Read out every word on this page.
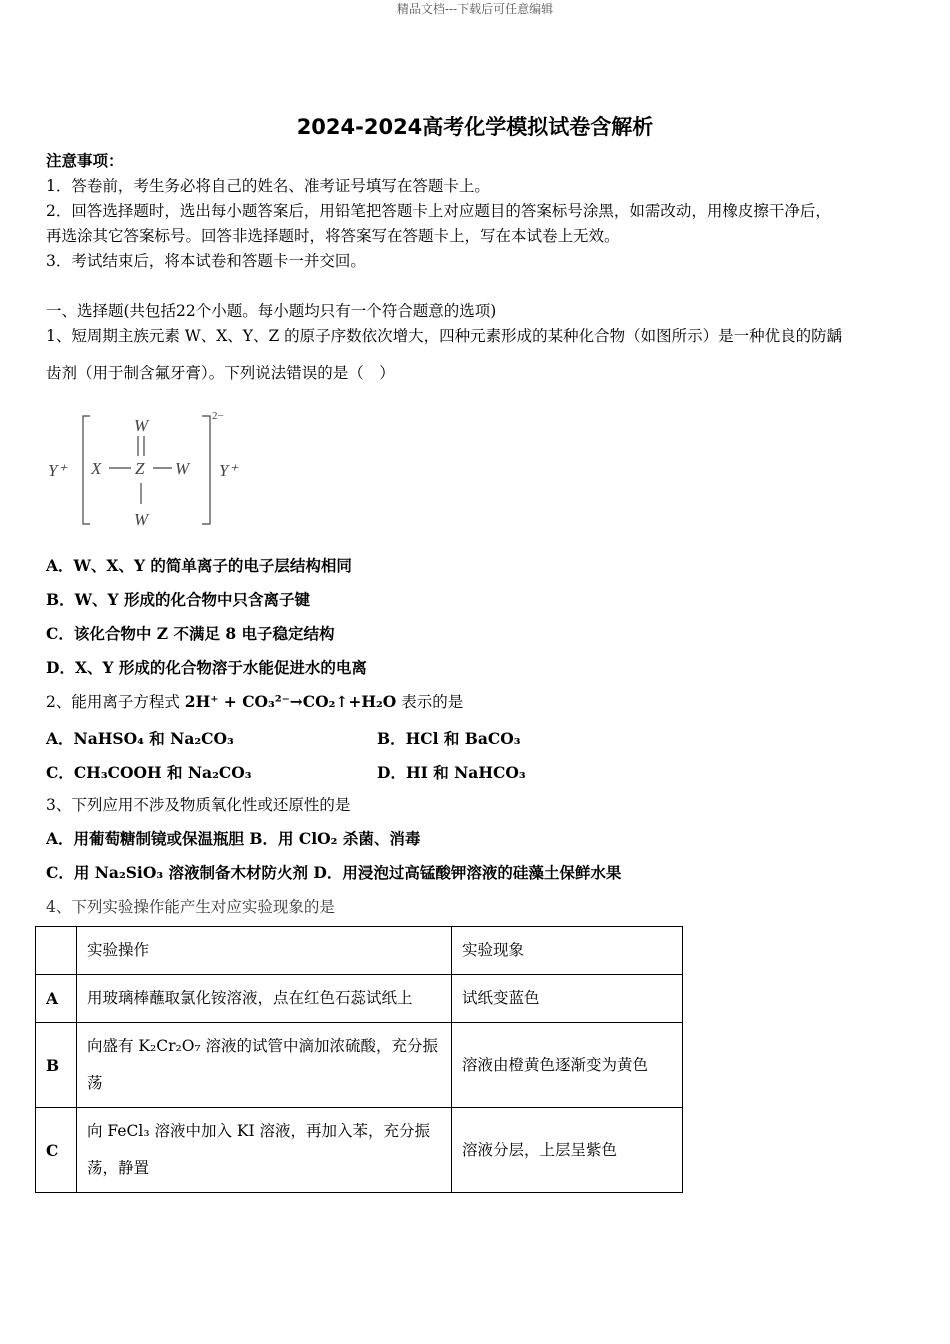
精品文档---下载后可任意编辑
2024-2024高考化学模拟试卷含解析
注意事项：
1．答卷前，考生务必将自己的姓名、准考证号填写在答题卡上。
2．回答选择题时，选出每小题答案后，用铅笔把答题卡上对应题目的答案标号涂黑，如需改动，用橡皮擦干净后，
再选涂其它答案标号。回答非选择题时，将答案写在答题卡上，写在本试卷上无效。
3．考试结束后，将本试卷和答题卡一并交回。
一、选择题(共包括22个小题。每小题均只有一个符合题意的选项)
1、短周期主族元素 W、X、Y、Z 的原子序数依次增大，四种元素形成的某种化合物（如图所示）是一种优良的防龋
齿剂（用于制含氟牙膏）。下列说法错误的是（　）
Y⁺	Y⁺
W
W
X Z W
2−
A．W、X、Y 的简单离子的电子层结构相同
B．W、Y 形成的化合物中只含离子键
C．该化合物中 Z 不满足 8 电子稳定结构
D．X、Y 形成的化合物溶于水能促进水的电离
2、能用离子方程式 2H⁺ + CO₃²⁻→CO₂↑+H₂O 表示的是
A．NaHSO₄ 和 Na₂CO₃	B．HCl 和 BaCO₃
C．CH₃COOH 和 Na₂CO₃	D．HI 和 NaHCO₃
3、下列应用不涉及物质氧化性或还原性的是
A．用葡萄糖制镜或保温瓶胆 B．用 ClO₂ 杀菌、消毒
C．用 Na₂SiO₃ 溶液制备木材防火剂 D．用浸泡过高锰酸钾溶液的硅藻土保鲜水果
4、下列实验操作能产生对应实验现象的是
	实验操作	实验现象
A	用玻璃棒蘸取氯化铵溶液，点在红色石蕊试纸上	试纸变蓝色
B	向盛有 K₂Cr₂O₇ 溶液的试管中滴加浓硫酸，充分振荡	溶液由橙黄色逐渐变为黄色
C	向 FeCl₃ 溶液中加入 KI 溶液，再加入苯，充分振荡，静置	溶液分层，上层呈紫色
